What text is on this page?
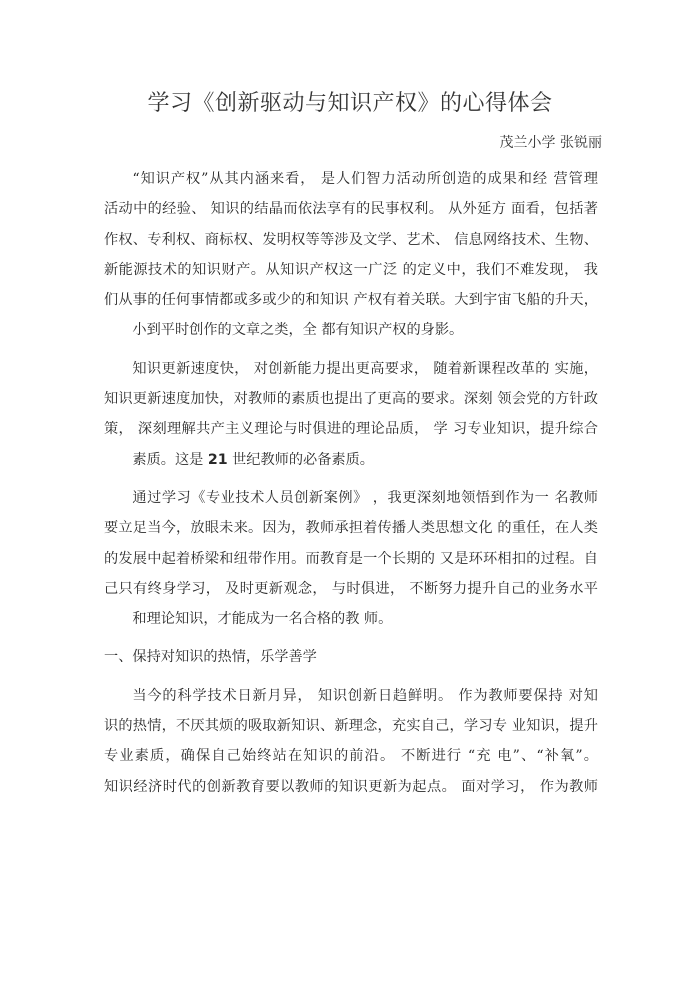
学习《创新驱动与知识产权》的心得体会
茂兰小学 张锐丽

“知识产权”从其内涵来看， 是人们智力活动所创造的成果和经 营管理
活动中的经验、 知识的结晶而依法享有的民事权利。 从外延方 面看，包括著
作权、专利权、商标权、发明权等等涉及文学、艺术、 信息网络技术、生物、
新能源技术的知识财产。从知识产权这一广泛 的定义中，我们不难发现， 我
们从事的任何事情都或多或少的和知识 产权有着关联。大到宇宙飞船的升天，
小到平时创作的文章之类，全 都有知识产权的身影。

知识更新速度快， 对创新能力提出更高要求， 随着新课程改革的 实施，
知识更新速度加快，对教师的素质也提出了更高的要求。深刻 领会党的方针政
策， 深刻理解共产主义理论与时俱进的理论品质， 学 习专业知识，提升综合
素质。这是 21 世纪教师的必备素质。

通过学习《专业技术人员创新案例》 ，我更深刻地领悟到作为一 名教师
要立足当今，放眼未来。因为，教师承担着传播人类思想文化 的重任，在人类
的发展中起着桥梁和纽带作用。而教育是一个长期的 又是环环相扣的过程。自
己只有终身学习， 及时更新观念， 与时俱进， 不断努力提升自己的业务水平
和理论知识，才能成为一名合格的教 师。

一、保持对知识的热情，乐学善学

当今的科学技术日新月异， 知识创新日趋鲜明。 作为教师要保持 对知
识的热情，不厌其烦的吸取新知识、新理念，充实自己，学习专 业知识，提升
专业素质，确保自己始终站在知识的前沿。 不断进行 “充 电”、“补氧”。
知识经济时代的创新教育要以教师的知识更新为起点。 面对学习， 作为教师
